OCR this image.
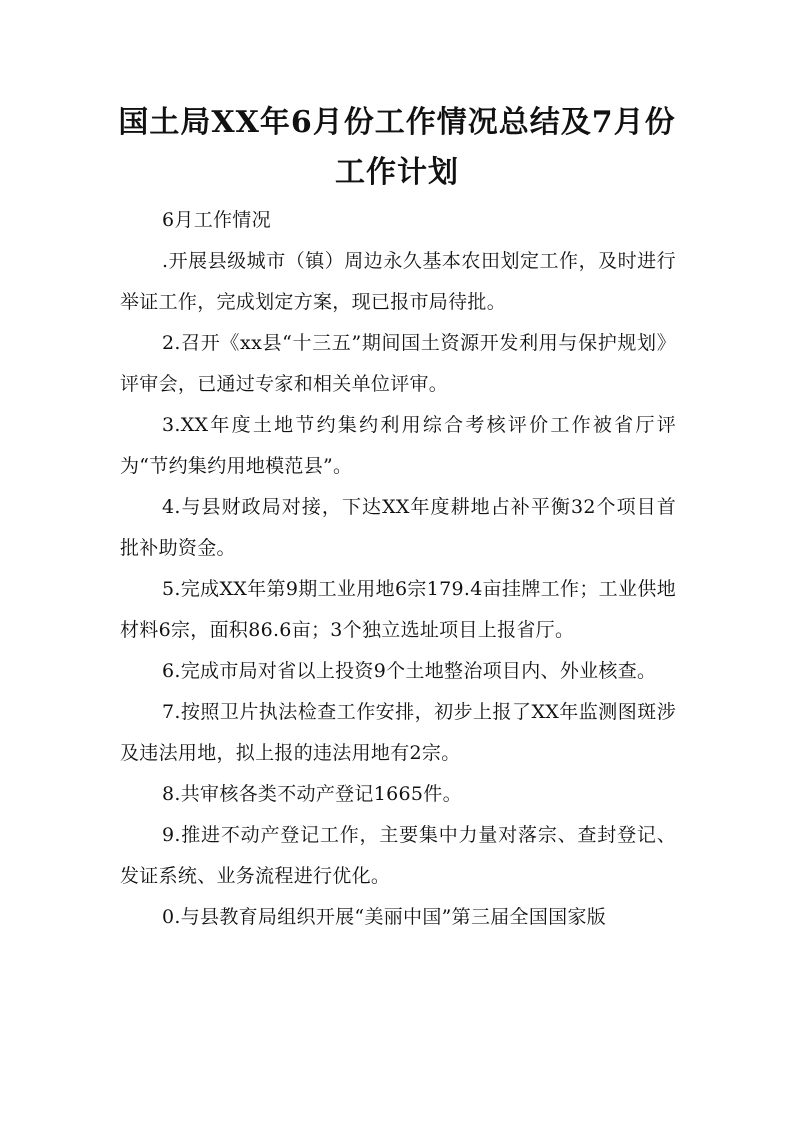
国土局XX年6月份工作情况总结及7月份工作计划

6月工作情况

.开展县级城市（镇）周边永久基本农田划定工作，及时进行举证工作，完成划定方案，现已报市局待批。

2.召开《xx县“十三五”期间国土资源开发利用与保护规划》评审会，已通过专家和相关单位评审。

3.XX年度土地节约集约利用综合考核评价工作被省厅评为“节约集约用地模范县”。

4.与县财政局对接，下达XX年度耕地占补平衡32个项目首批补助资金。

5.完成XX年第9期工业用地6宗179.4亩挂牌工作；工业供地材料6宗，面积86.6亩；3个独立选址项目上报省厅。

6.完成市局对省以上投资9个土地整治项目内、外业核查。

7.按照卫片执法检查工作安排，初步上报了XX年监测图斑涉及违法用地，拟上报的违法用地有2宗。

8.共审核各类不动产登记1665件。

9.推进不动产登记工作，主要集中力量对落宗、查封登记、发证系统、业务流程进行优化。

0.与县教育局组织开展“美丽中国”第三届全国国家版
